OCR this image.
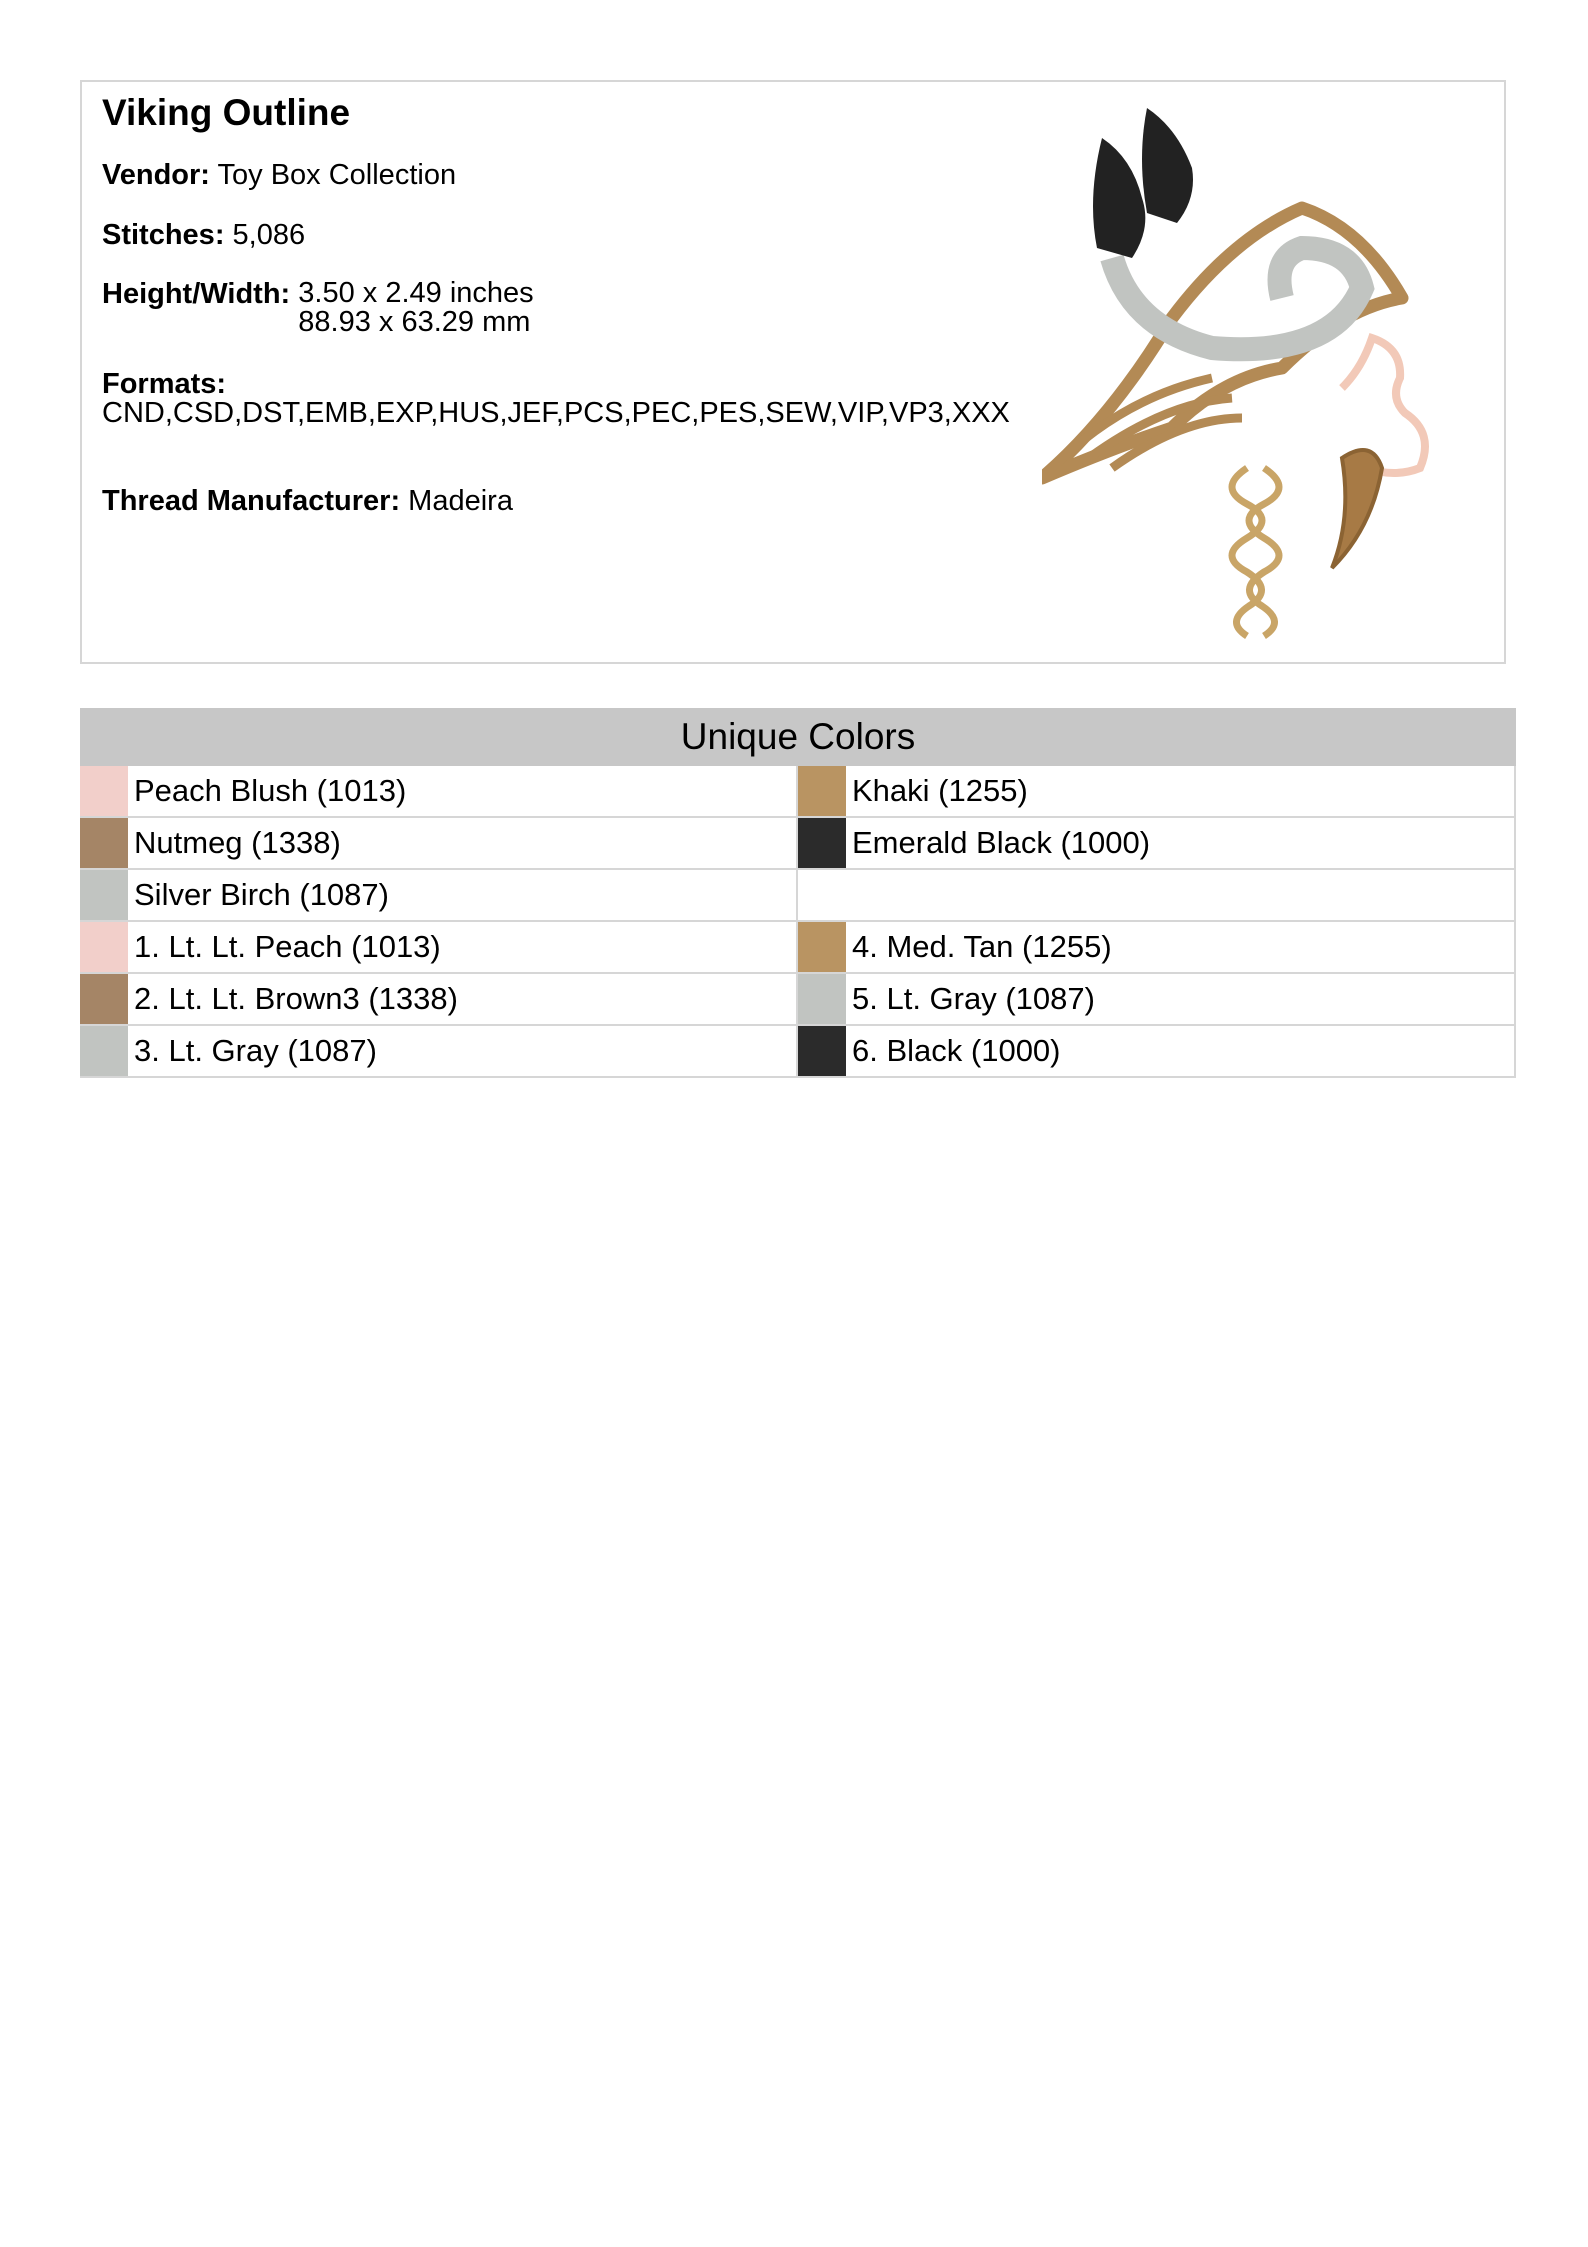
Viking Outline
Vendor: Toy Box Collection
Stitches: 5,086
Height/Width: 3.50 x 2.49 inches
88.93 x 63.29 mm
Formats:
CND,CSD,DST,EMB,EXP,HUS,JEF,PCS,PEC,PES,SEW,VIP,VP3,XXX
Thread Manufacturer: Madeira
Unique Colors
Peach Blush (1013)	Khaki (1255)
Nutmeg (1338)	Emerald Black (1000)
Silver Birch (1087)
1. Lt. Lt. Peach (1013)	4. Med. Tan (1255)
2. Lt. Lt. Brown3 (1338)	5. Lt. Gray (1087)
3. Lt. Gray (1087)	6. Black (1000)
